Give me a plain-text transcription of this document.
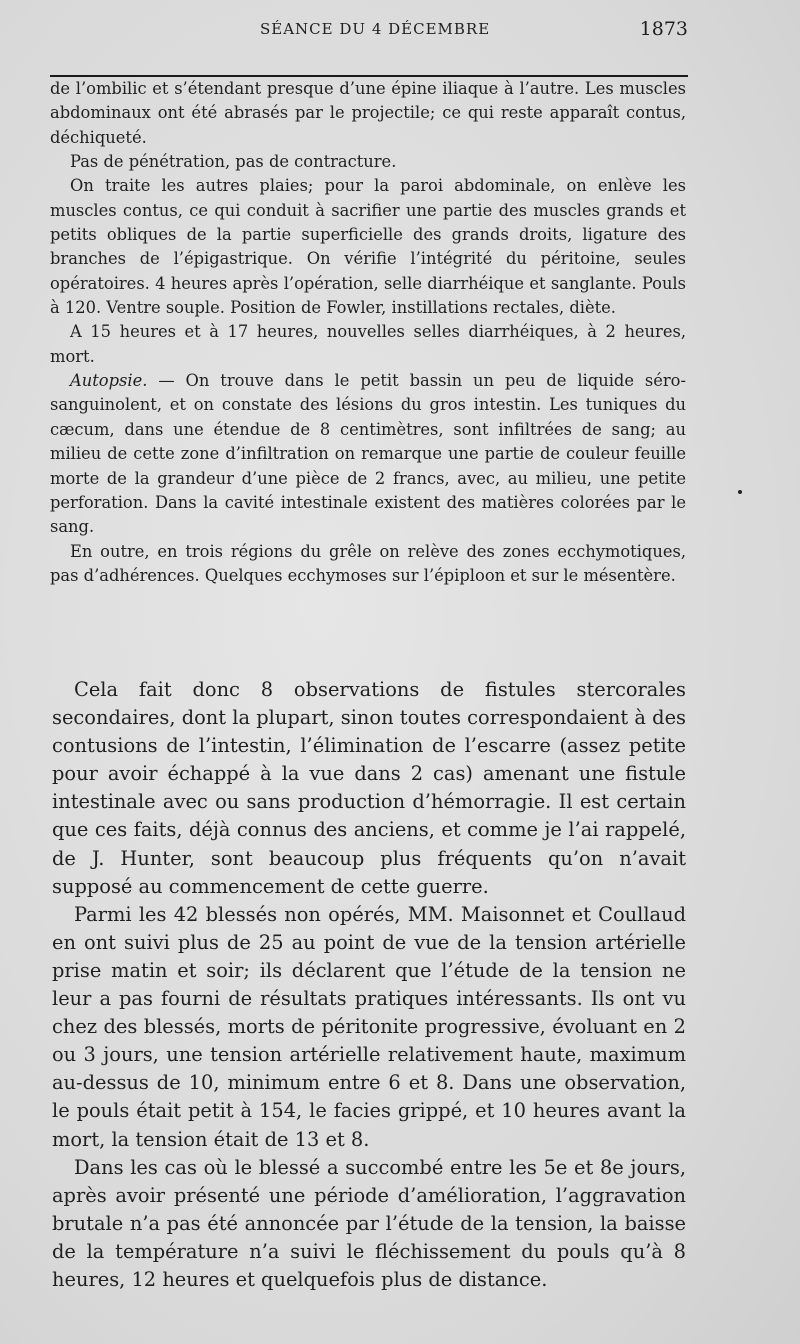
SÉANCE DU 4 DÉCEMBRE	1873

de l’ombilic et s’étendant presque d’une épine iliaque à l’autre. Les muscles abdominaux ont été abrasés par le projectile; ce qui reste apparaît contus, déchiqueté.

Pas de pénétration, pas de contracture.

On traite les autres plaies; pour la paroi abdominale, on enlève les muscles contus, ce qui conduit à sacrifier une partie des muscles grands et petits obliques de la partie superficielle des grands droits, ligature des branches de l’épigastrique. On vérifie l’intégrité du péritoine, seules opératoires. 4 heures après l’opération, selle diarrhéique et sanglante. Pouls à 120. Ventre souple. Position de Fowler, instillations rectales, diète.

A 15 heures et à 17 heures, nouvelles selles diarrhéiques, à 2 heures, mort.

Autopsie. — On trouve dans le petit bassin un peu de liquide séro-sanguinolent, et on constate des lésions du gros intestin. Les tuniques du cæcum, dans une étendue de 8 centimètres, sont infiltrées de sang; au milieu de cette zone d’infiltration on remarque une partie de couleur feuille morte de la grandeur d’une pièce de 2 francs, avec, au milieu, une petite perforation. Dans la cavité intestinale existent des matières colorées par le sang.

En outre, en trois régions du grêle on relève des zones ecchymotiques, pas d’adhérences. Quelques ecchymoses sur l’épiploon et sur le mésentère.

Cela fait donc 8 observations de fistules stercorales secondaires, dont la plupart, sinon toutes correspondaient à des contusions de l’intestin, l’élimination de l’escarre (assez petite pour avoir échappé à la vue dans 2 cas) amenant une fistule intestinale avec ou sans production d’hémorragie. Il est certain que ces faits, déjà connus des anciens, et comme je l’ai rappelé, de J. Hunter, sont beaucoup plus fréquents qu’on n’avait supposé au commencement de cette guerre.

Parmi les 42 blessés non opérés, MM. Maisonnet et Coullaud en ont suivi plus de 25 au point de vue de la tension artérielle prise matin et soir; ils déclarent que l’étude de la tension ne leur a pas fourni de résultats pratiques intéressants. Ils ont vu chez des blessés, morts de péritonite progressive, évoluant en 2 ou 3 jours, une tension artérielle relativement haute, maximum au-dessus de 10, minimum entre 6 et 8. Dans une observation, le pouls était petit à 154, le facies grippé, et 10 heures avant la mort, la tension était de 13 et 8.

Dans les cas où le blessé a succombé entre les 5e et 8e jours, après avoir présenté une période d’amélioration, l’aggravation brutale n’a pas été annoncée par l’étude de la tension, la baisse de la température n’a suivi le fléchissement du pouls qu’à 8 heures, 12 heures et quelquefois plus de distance.
